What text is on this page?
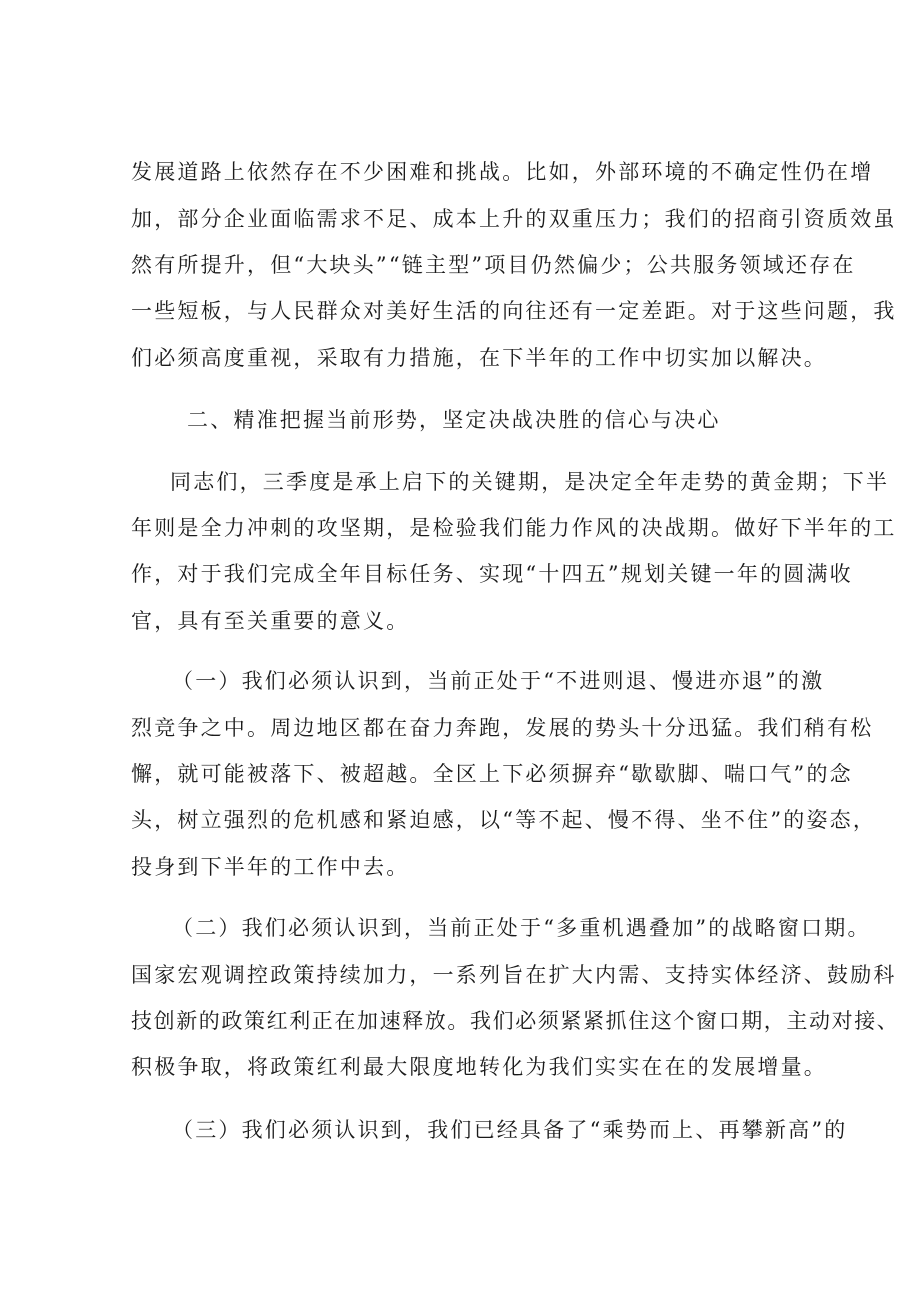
发展道路上依然存在不少困难和挑战。比如，外部环境的不确定性仍在增
加，部分企业面临需求不足、成本上升的双重压力；我们的招商引资质效虽
然有所提升，但“大块头”“链主型”项目仍然偏少；公共服务领域还存在
一些短板，与人民群众对美好生活的向往还有一定差距。对于这些问题，我
们必须高度重视，采取有力措施，在下半年的工作中切实加以解决。
二、精准把握当前形势，坚定决战决胜的信心与决心
同志们，三季度是承上启下的关键期，是决定全年走势的黄金期；下半
年则是全力冲刺的攻坚期，是检验我们能力作风的决战期。做好下半年的工
作，对于我们完成全年目标任务、实现“十四五”规划关键一年的圆满收
官，具有至关重要的意义。
（一）我们必须认识到，当前正处于“不进则退、慢进亦退”的激
烈竞争之中。周边地区都在奋力奔跑，发展的势头十分迅猛。我们稍有松
懈，就可能被落下、被超越。全区上下必须摒弃“歇歇脚、喘口气”的念
头，树立强烈的危机感和紧迫感，以“等不起、慢不得、坐不住”的姿态，
投身到下半年的工作中去。
（二）我们必须认识到，当前正处于“多重机遇叠加”的战略窗口期。
国家宏观调控政策持续加力，一系列旨在扩大内需、支持实体经济、鼓励科
技创新的政策红利正在加速释放。我们必须紧紧抓住这个窗口期，主动对接、
积极争取，将政策红利最大限度地转化为我们实实在在的发展增量。
（三）我们必须认识到，我们已经具备了“乘势而上、再攀新高”的
